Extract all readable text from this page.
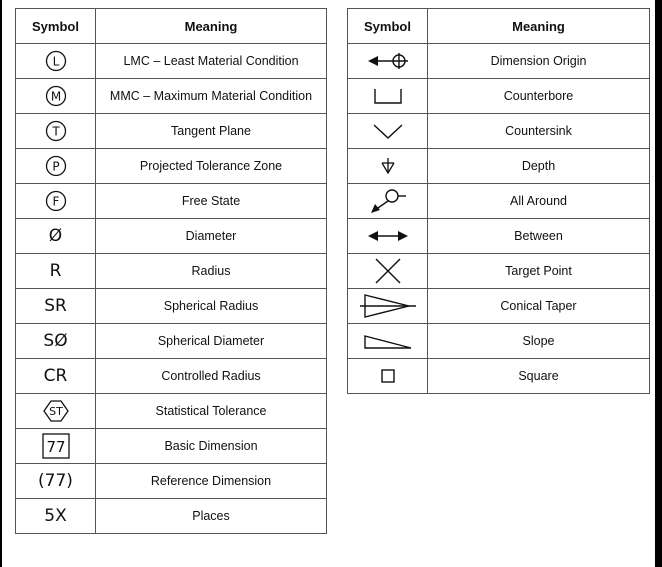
Symbol	Meaning

L	LMC – Least Material Condition

M	MMC – Maximum Material Condition

T	Tangent Plane

P	Projected Tolerance Zone

F	Free State
Ø	Diameter
R	Radius
SR	Spherical Radius
SØ	Spherical Diameter
CR	Controlled Radius

ST	Statistical Tolerance

77	Basic Dimension
(77)	Reference Dimension
5X	Places
Symbol	Meaning

	Dimension Origin

	Counterbore

	Countersink

	Depth

	All Around

	Between

	Target Point

	Conical Taper

	Slope

	Square
